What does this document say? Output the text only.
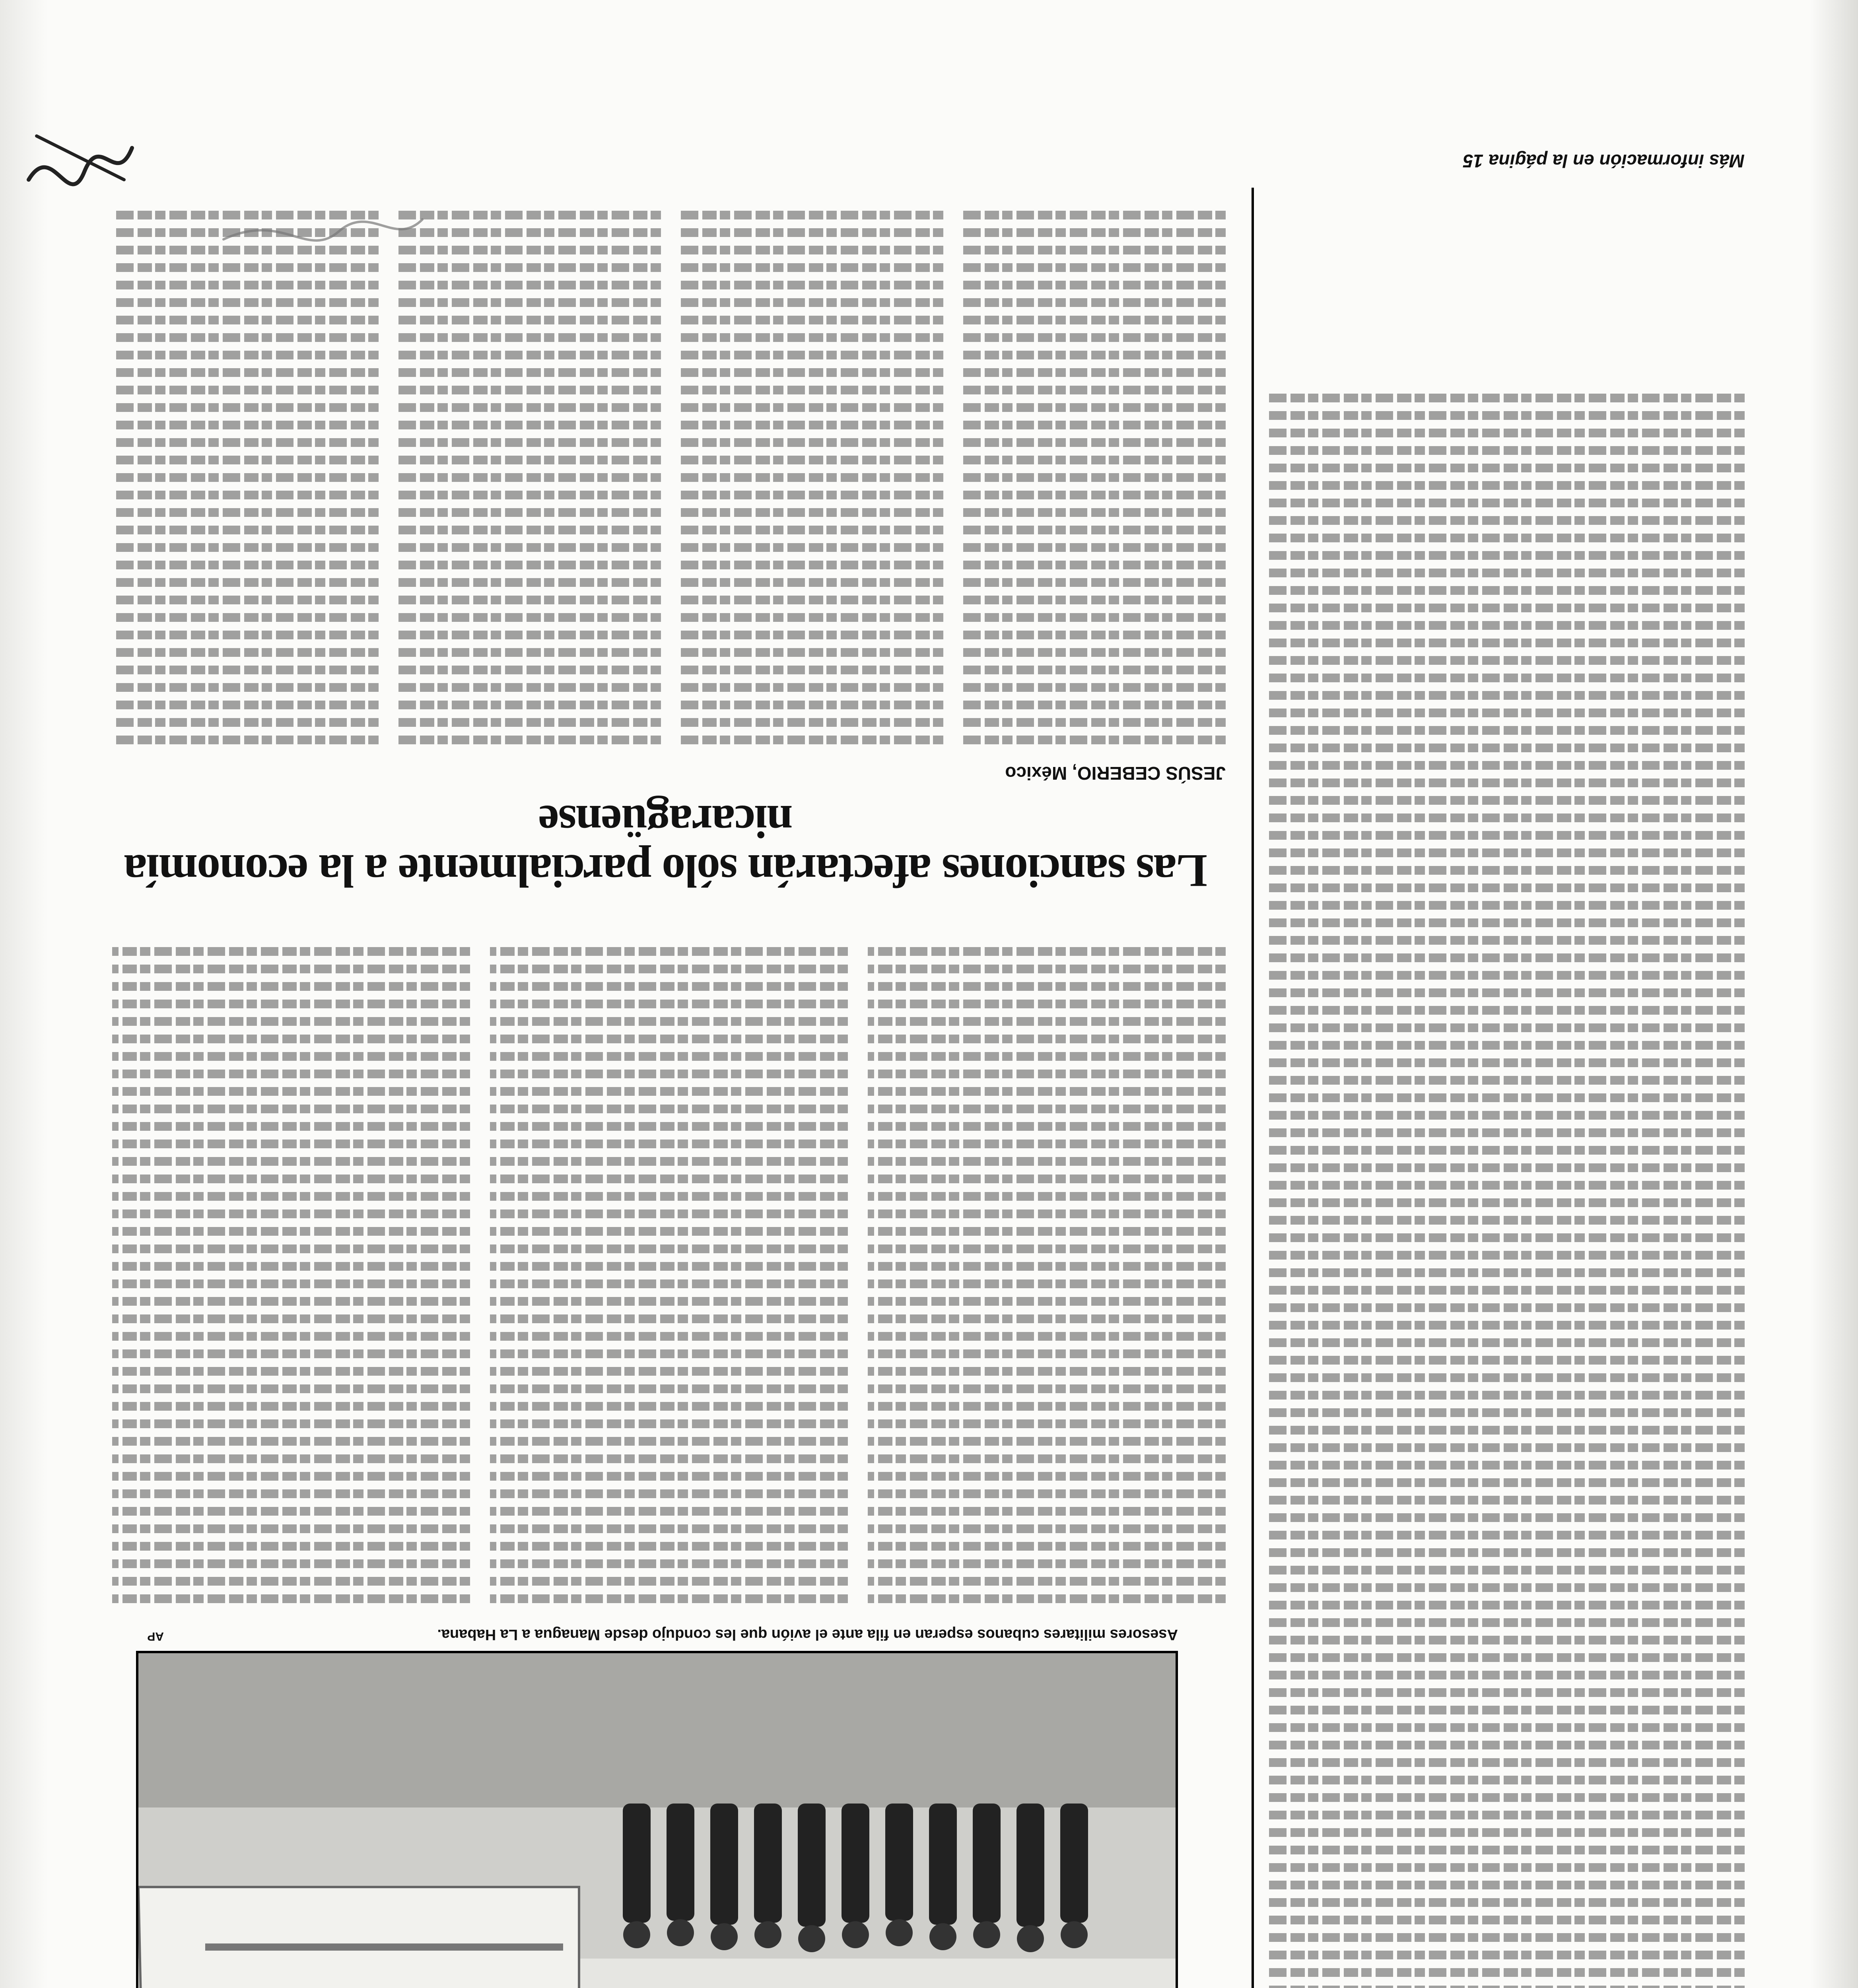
Asesores militares cubanos esperan en fila ante el avión que les condujo desde Managua a La Habana.
AP
Las sanciones afectarán sólo parcialmente a la economía nicaragüense
JESÚS CEBERIO, México
Más información en la página 15
